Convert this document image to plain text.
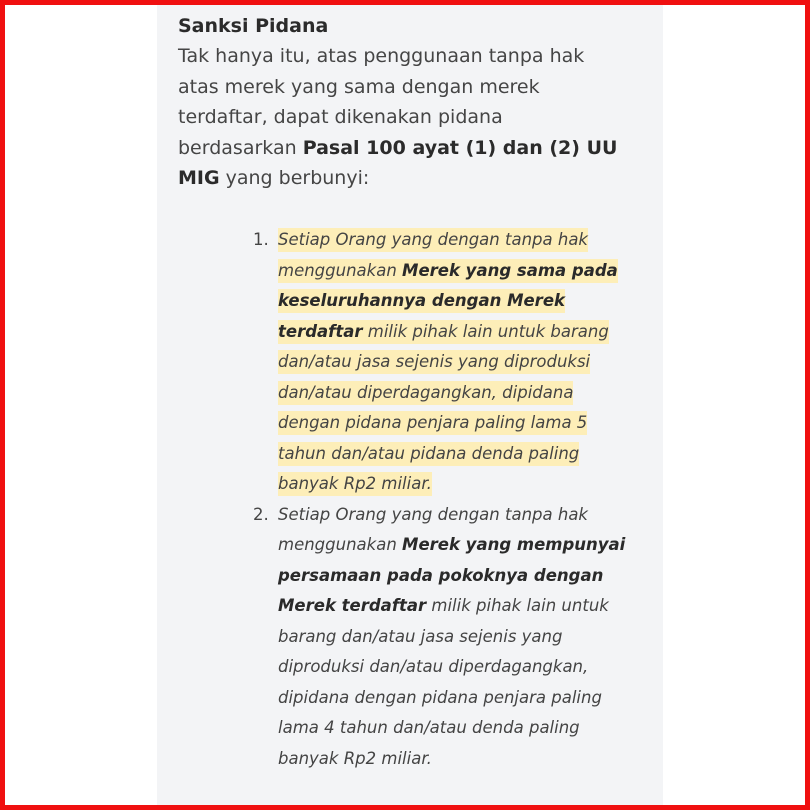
Sanksi Pidana

Tak hanya itu, atas penggunaan tanpa hak atas merek yang sama dengan merek terdaftar, dapat dikenakan pidana berdasarkan Pasal 100 ayat (1) dan (2) UU MIG yang berbunyi:

1. Setiap Orang yang dengan tanpa hak menggunakan Merek yang sama pada keseluruhannya dengan Merek terdaftar milik pihak lain untuk barang dan/atau jasa sejenis yang diproduksi dan/atau diperdagangkan, dipidana dengan pidana penjara paling lama 5 tahun dan/atau pidana denda paling banyak Rp2 miliar.
2. Setiap Orang yang dengan tanpa hak menggunakan Merek yang mempunyai persamaan pada pokoknya dengan Merek terdaftar milik pihak lain untuk barang dan/atau jasa sejenis yang diproduksi dan/atau diperdagangkan, dipidana dengan pidana penjara paling lama 4 tahun dan/atau denda paling banyak Rp2 miliar.
